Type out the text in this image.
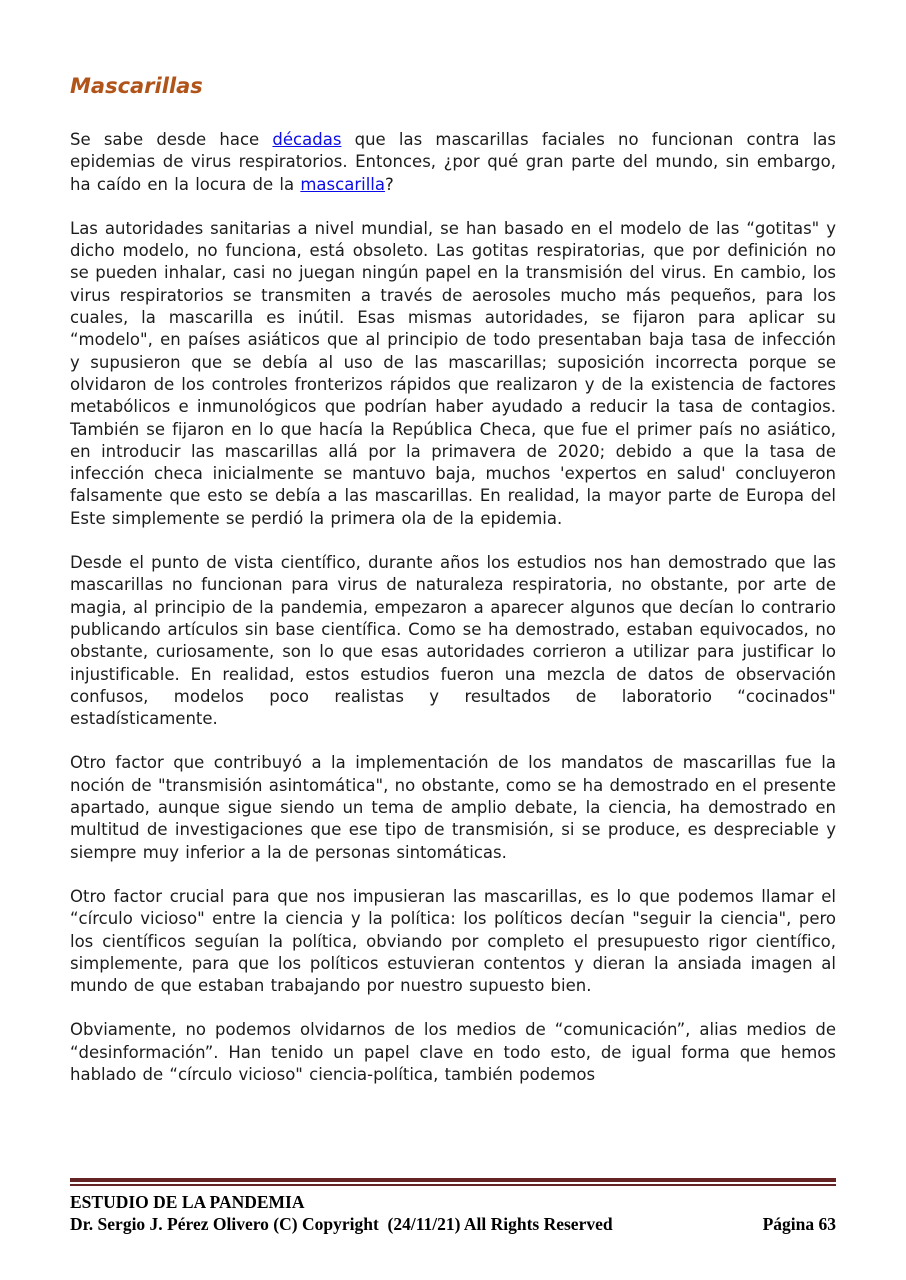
Mascarillas

Se sabe desde hace décadas que las mascarillas faciales no funcionan contra las epidemias de virus respiratorios. Entonces, ¿por qué gran parte del mundo, sin embargo, ha caído en la locura de la mascarilla?

Las autoridades sanitarias a nivel mundial, se han basado en el modelo de las “gotitas" y dicho modelo, no funciona, está obsoleto. Las gotitas respiratorias, que por definición no se pueden inhalar, casi no juegan ningún papel en la transmisión del virus. En cambio, los virus respiratorios se transmiten a través de aerosoles mucho más pequeños, para los cuales, la mascarilla es inútil. Esas mismas autoridades, se fijaron para aplicar su “modelo", en países asiáticos que al principio de todo presentaban baja tasa de infección y supusieron que se debía al uso de las mascarillas; suposición incorrecta porque se olvidaron de los controles fronterizos rápidos que realizaron y de la existencia de factores metabólicos e inmunológicos que podrían haber ayudado a reducir la tasa de contagios. También se fijaron en lo que hacía la República Checa, que fue el primer país no asiático, en introducir las mascarillas allá por la primavera de 2020; debido a que la tasa de infección checa inicialmente se mantuvo baja, muchos 'expertos en salud' concluyeron falsamente que esto se debía a las mascarillas. En realidad, la mayor parte de Europa del Este simplemente se perdió la primera ola de la epidemia.

Desde el punto de vista científico, durante años los estudios nos han demostrado que las mascarillas no funcionan para virus de naturaleza respiratoria, no obstante, por arte de magia, al principio de la pandemia, empezaron a aparecer algunos que decían lo contrario publicando artículos sin base científica. Como se ha demostrado, estaban equivocados, no obstante, curiosamente, son lo que esas autoridades corrieron a utilizar para justificar lo injustificable. En realidad, estos estudios fueron una mezcla de datos de observación confusos, modelos poco realistas y resultados de laboratorio “cocinados" estadísticamente.

Otro factor que contribuyó a la implementación de los mandatos de mascarillas fue la noción de "transmisión asintomática", no obstante, como se ha demostrado en el presente apartado, aunque sigue siendo un tema de amplio debate, la ciencia, ha demostrado en multitud de investigaciones que ese tipo de transmisión, si se produce, es despreciable y siempre muy inferior a la de personas sintomáticas.

Otro factor crucial para que nos impusieran las mascarillas, es lo que podemos llamar el “círculo vicioso" entre la ciencia y la política: los políticos decían "seguir la ciencia", pero los científicos seguían la política, obviando por completo el presupuesto rigor científico, simplemente, para que los políticos estuvieran contentos y dieran la ansiada imagen al mundo de que estaban trabajando por nuestro supuesto bien.

Obviamente, no podemos olvidarnos de los medios de “comunicación”, alias medios de “desinformación”. Han tenido un papel clave en todo esto, de igual forma que hemos hablado de “círculo vicioso" ciencia-política, también podemos

ESTUDIO DE LA PANDEMIA
Dr. Sergio J. Pérez Olivero (C) Copyright  (24/11/21) All Rights Reserved	Página 63
